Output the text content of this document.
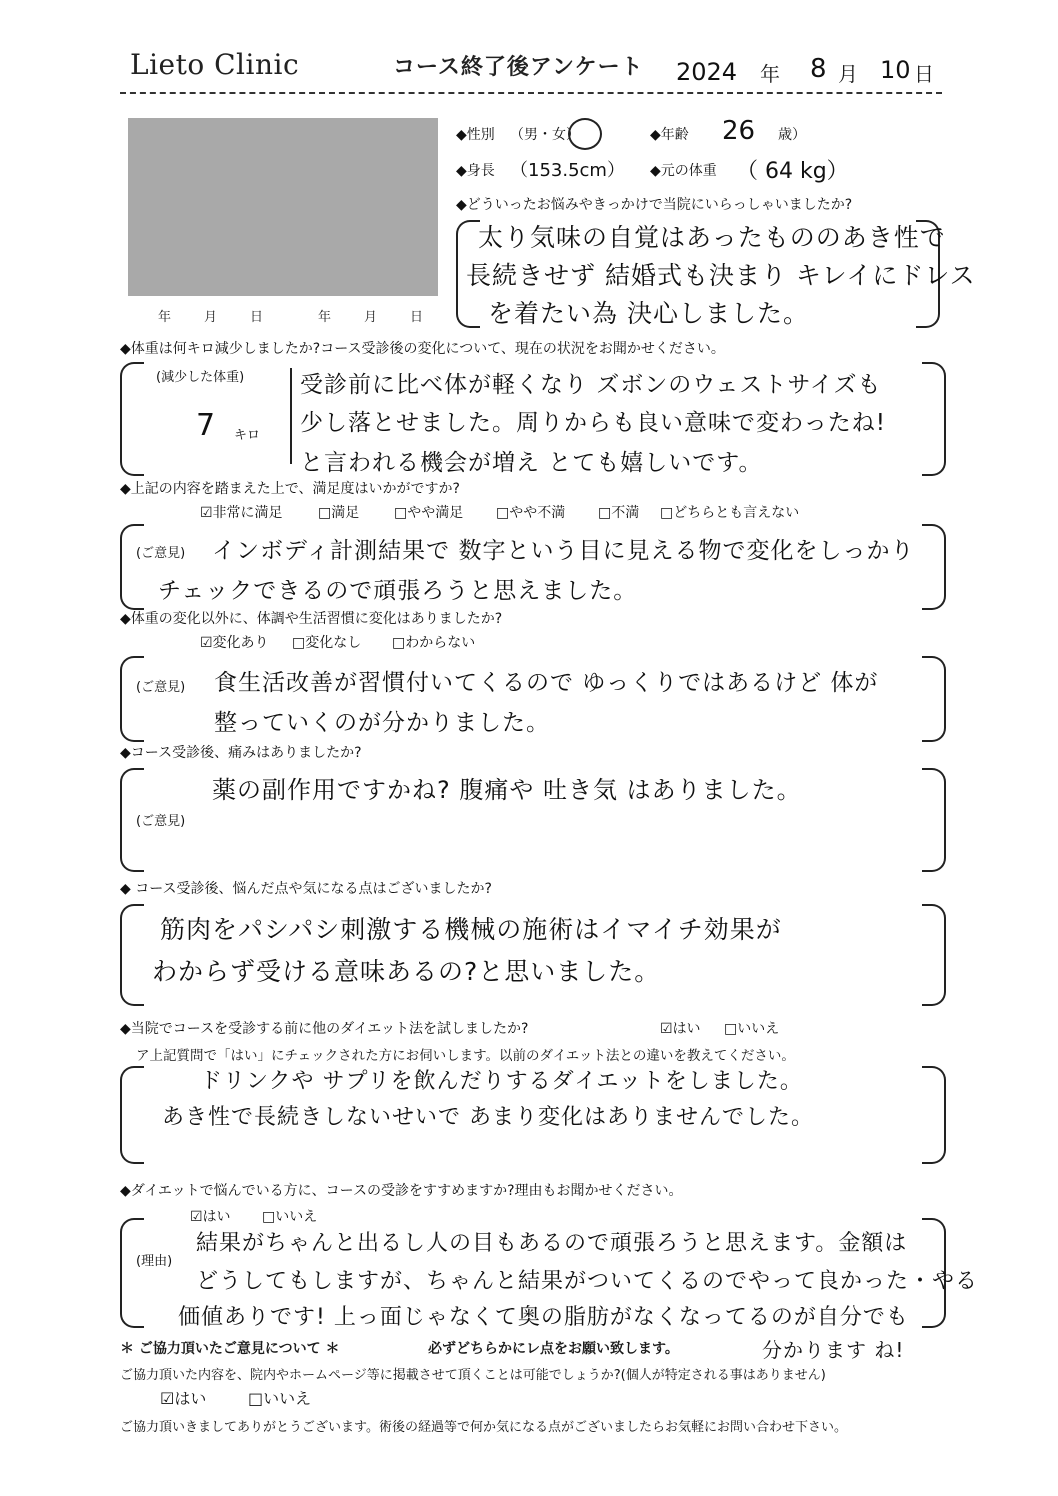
Lieto Clinic	コース終了後アンケート 2024 年 8 月 10 日
年　月　日	年　月　日
◆性別 （男・女）	◆年齢 26 歳）
◆身長 （153.5cm） ◆元の体重 （ 64 kg）
◆どういったお悩みやきっかけで当院にいらっしゃいましたか?
太り気味の自覚はあったもののあき性で
長続きせず 結婚式も決まり キレイにドレス
を着たい為 決心しました。
◆体重は何キロ減少しましたか?コース受診後の変化について、現在の状況をお聞かせください。
(減少した体重)
7 キロ
受診前に比べ体が軽くなり ズボンのウェストサイズも
少し落とせました。周りからも良い意味で変わったね!
と言われる機会が増え とても嬉しいです。
◆上記の内容を踏まえた上で、満足度はいかがですか?
☑非常に満足	□満足 □やや満足 □やや不満 □不満 □どちらとも言えない
(ご意見) インボディ計測結果で 数字という目に見える物で変化をしっかり
チェックできるので頑張ろうと思えました。
◆体重の変化以外に、体調や生活習慣に変化はありましたか?
☑変化あり □変化なし □わからない
(ご意見) 食生活改善が習慣付いてくるので ゆっくりではあるけど 体が
整っていくのが分かりました。
◆コース受診後、痛みはありましたか?
薬の副作用ですかね? 腹痛や 吐き気 はありました。
(ご意見)
◆ コース受診後、悩んだ点や気になる点はございましたか?
筋肉をパシパシ刺激する機械の施術はイマイチ効果が
わからず受ける意味あるの?と思いました。
◆当院でコースを受診する前に他のダイエット法を試しましたか?	☑はい □いいえ
ア上記質問で「はい」にチェックされた方にお伺いします。以前のダイエット法との違いを教えてください。
ドリンクや サプリを飲んだりするダイエットをしました。
あき性で長続きしないせいで あまり変化はありませんでした。
◆ダイエットで悩んでいる方に、コースの受診をすすめますか?理由もお聞かせください。
☑はい □いいえ
(理由)
結果がちゃんと出るし人の目もあるので頑張ろうと思えます。金額は
どうしてもしますが、ちゃんと結果がついてくるのでやって良かった・やる
価値ありです! 上っ面じゃなくて奥の脂肪がなくなってるのが自分でも
分かります ね!
＊ ご協力頂いたご意見について ＊	必ずどちらかにレ点をお願い致します。
ご協力頂いた内容を、院内やホームページ等に掲載させて頂くことは可能でしょうか?(個人が特定される事はありません)
☑はい	□いいえ
ご協力頂いきましてありがとうございます。術後の経過等で何か気になる点がございましたらお気軽にお問い合わせ下さい。
